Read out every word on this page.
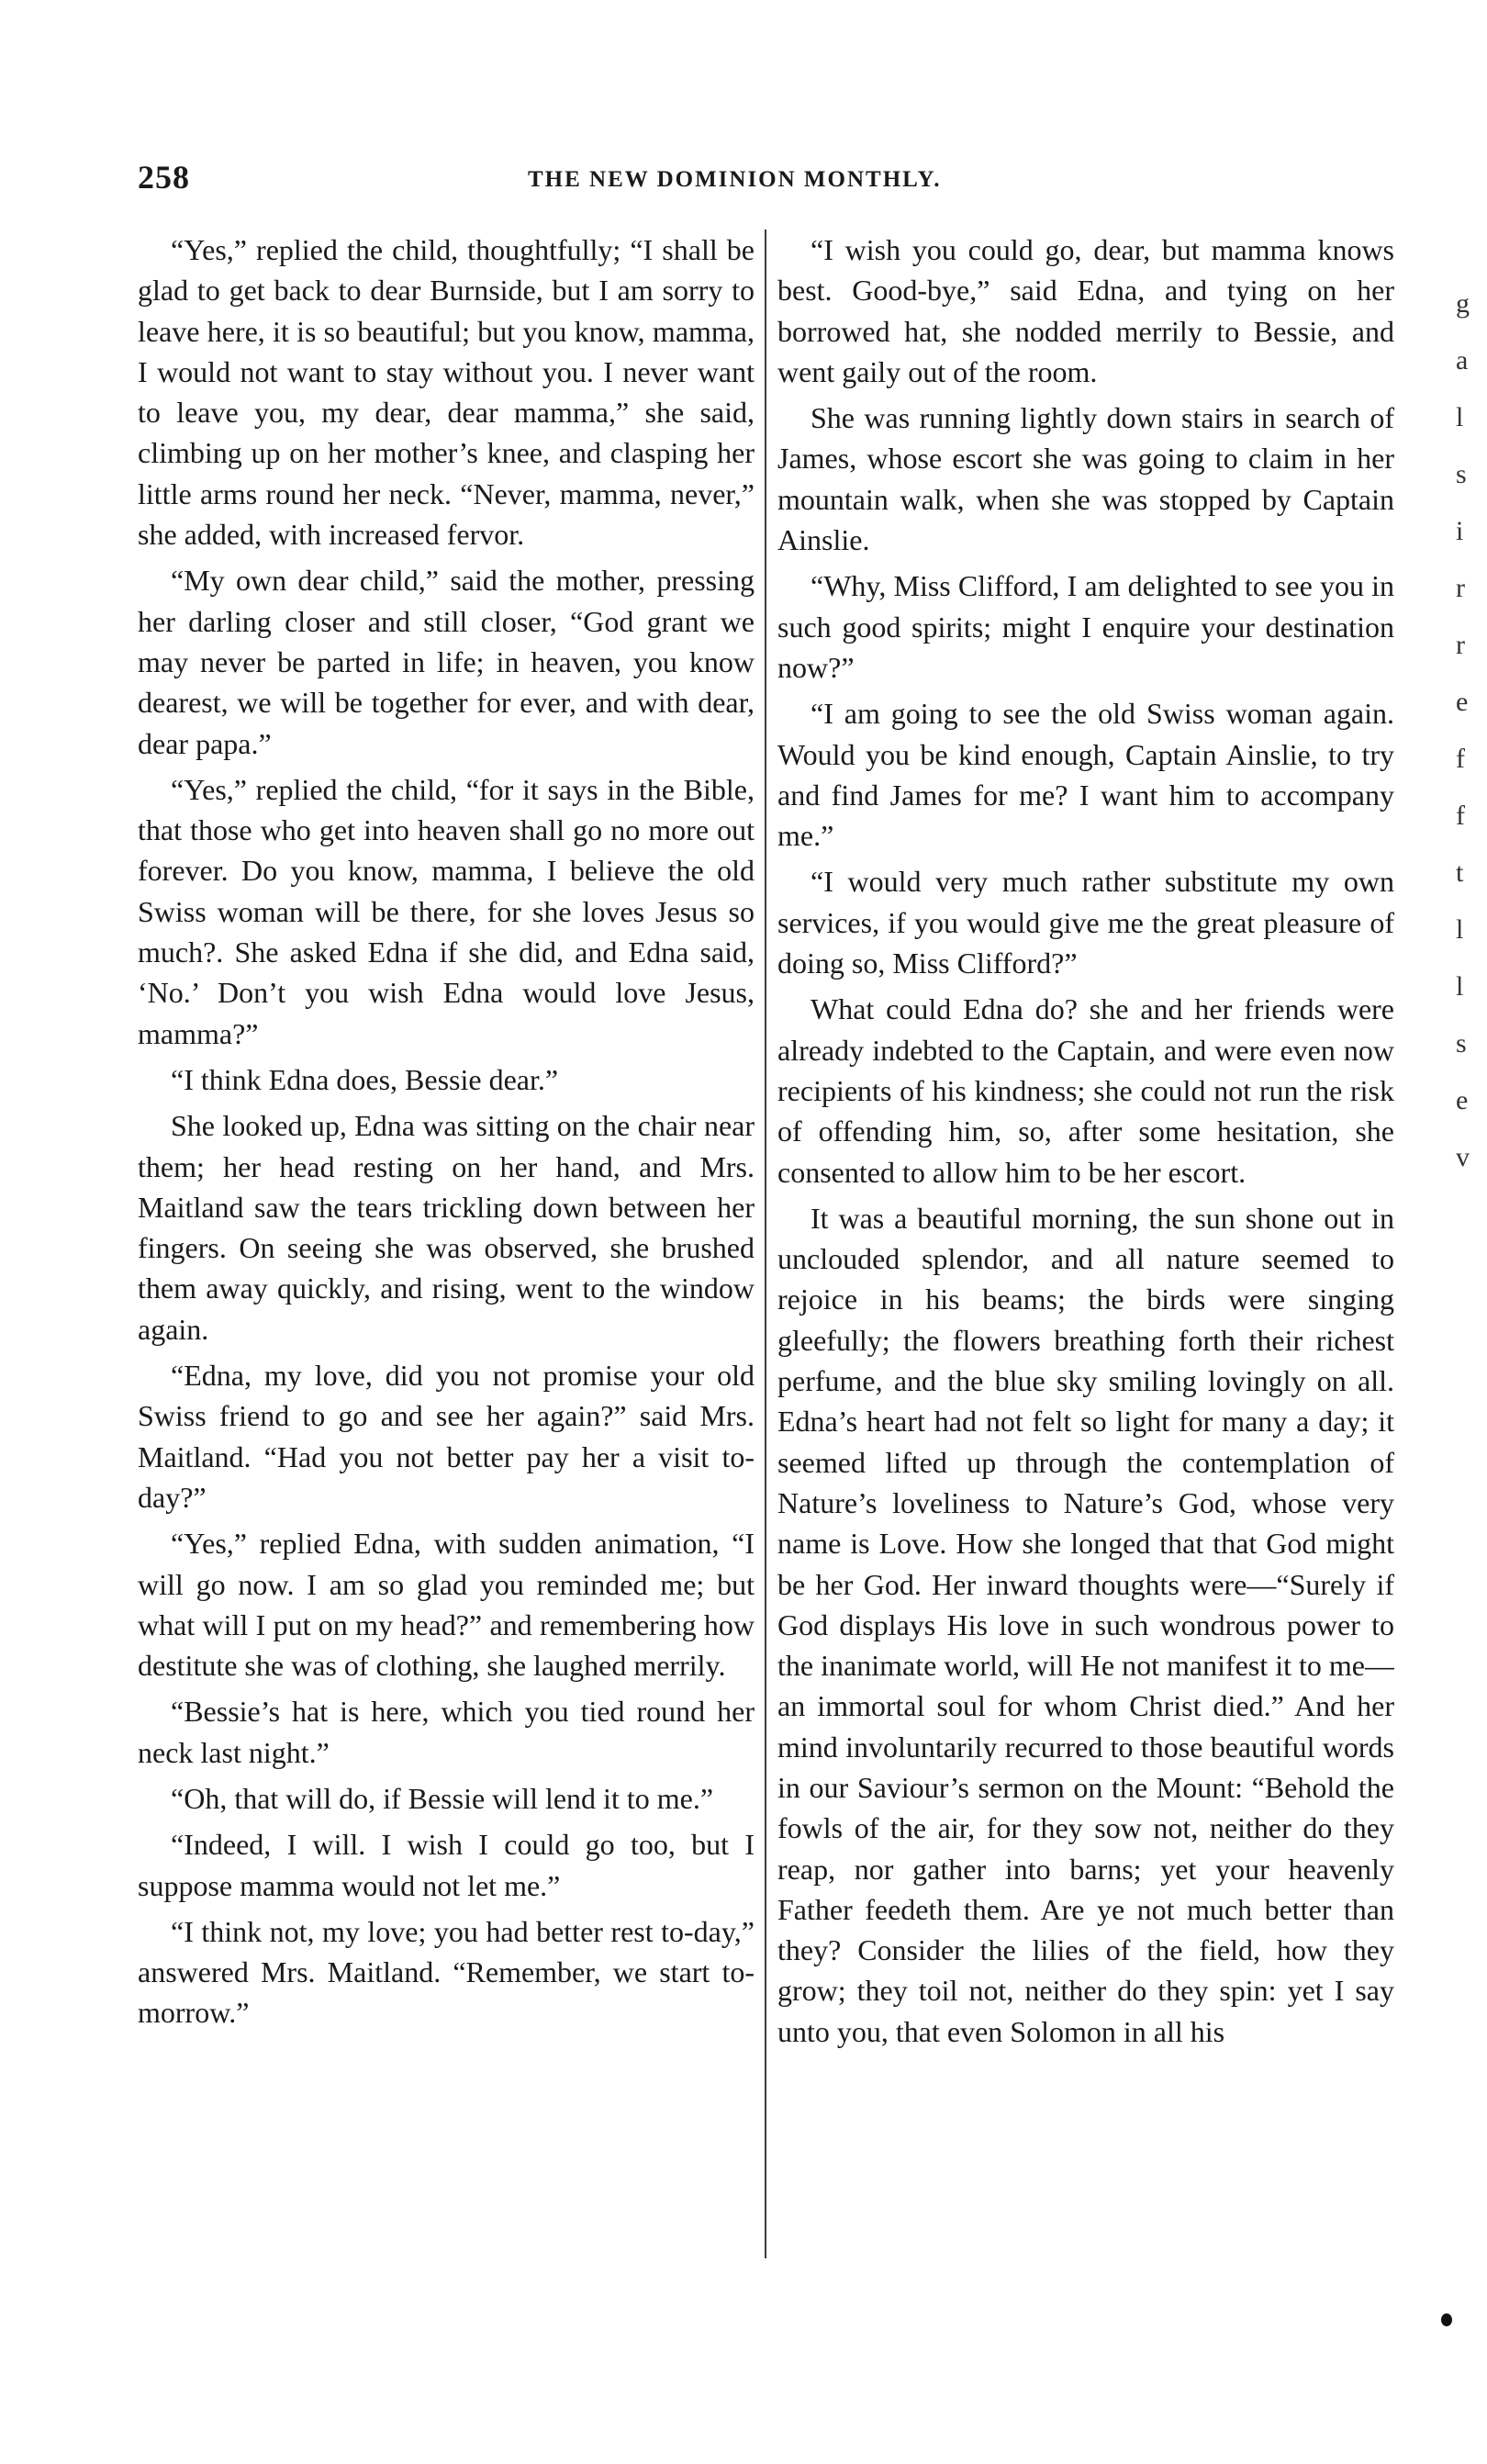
258	THE NEW DOMINION MONTHLY.

“Yes,” replied the child, thoughtfully; “I shall be glad to get back to dear Burnside, but I am sorry to leave here, it is so beautiful; but you know, mamma, I would not want to stay without you. I never want to leave you, my dear, dear mamma,” she said, climbing up on her mother’s knee, and clasping her little arms round her neck. “Never, mamma, never,” she added, with increased fervor.

“My own dear child,” said the mother, pressing her darling closer and still closer, “God grant we may never be parted in life; in heaven, you know dearest, we will be together for ever, and with dear, dear papa.”

“Yes,” replied the child, “for it says in the Bible, that those who get into heaven shall go no more out forever. Do you know, mamma, I believe the old Swiss woman will be there, for she loves Jesus so much?. She asked Edna if she did, and Edna said, ‘No.’ Don’t you wish Edna would love Jesus, mamma?”

“I think Edna does, Bessie dear.”

She looked up, Edna was sitting on the chair near them; her head resting on her hand, and Mrs. Maitland saw the tears trickling down between her fingers. On seeing she was observed, she brushed them away quickly, and rising, went to the window again.

“Edna, my love, did you not promise your old Swiss friend to go and see her again?” said Mrs. Maitland. “Had you not better pay her a visit to-day?”

“Yes,” replied Edna, with sudden animation, “I will go now. I am so glad you reminded me; but what will I put on my head?” and remembering how destitute she was of clothing, she laughed merrily.

“Bessie’s hat is here, which you tied round her neck last night.”

“Oh, that will do, if Bessie will lend it to me.”

“Indeed, I will. I wish I could go too, but I suppose mamma would not let me.”

“I think not, my love; you had better rest to-day,” answered Mrs. Maitland. “Remember, we start to-morrow.”

“I wish you could go, dear, but mamma knows best. Good-bye,” said Edna, and tying on her borrowed hat, she nodded merrily to Bessie, and went gaily out of the room.

She was running lightly down stairs in search of James, whose escort she was going to claim in her mountain walk, when she was stopped by Captain Ainslie.

“Why, Miss Clifford, I am delighted to see you in such good spirits; might I enquire your destination now?”

“I am going to see the old Swiss woman again. Would you be kind enough, Captain Ainslie, to try and find James for me? I want him to accompany me.”

“I would very much rather substitute my own services, if you would give me the great pleasure of doing so, Miss Clifford?”

What could Edna do? she and her friends were already indebted to the Captain, and were even now recipients of his kindness; she could not run the risk of offending him, so, after some hesitation, she consented to allow him to be her escort.

It was a beautiful morning, the sun shone out in unclouded splendor, and all nature seemed to rejoice in his beams; the birds were singing gleefully; the flowers breathing forth their richest perfume, and the blue sky smiling lovingly on all. Edna’s heart had not felt so light for many a day; it seemed lifted up through the contemplation of Nature’s loveliness to Nature’s God, whose very name is Love. How she longed that that God might be her God. Her inward thoughts were—“Surely if God displays His love in such wondrous power to the inanimate world, will He not manifest it to me—an immortal soul for whom Christ died.” And her mind involuntarily recurred to those beautiful words in our Saviour’s sermon on the Mount: “Behold the fowls of the air, for they sow not, neither do they reap, nor gather into barns; yet your heavenly Father feedeth them. Are ye not much better than they? Consider the lilies of the field, how they grow; they toil not, neither do they spin: yet I say unto you, that even Solomon in all his

g
a
l
s
i
r
r
e
f
f
t
l
l
s
e
v
